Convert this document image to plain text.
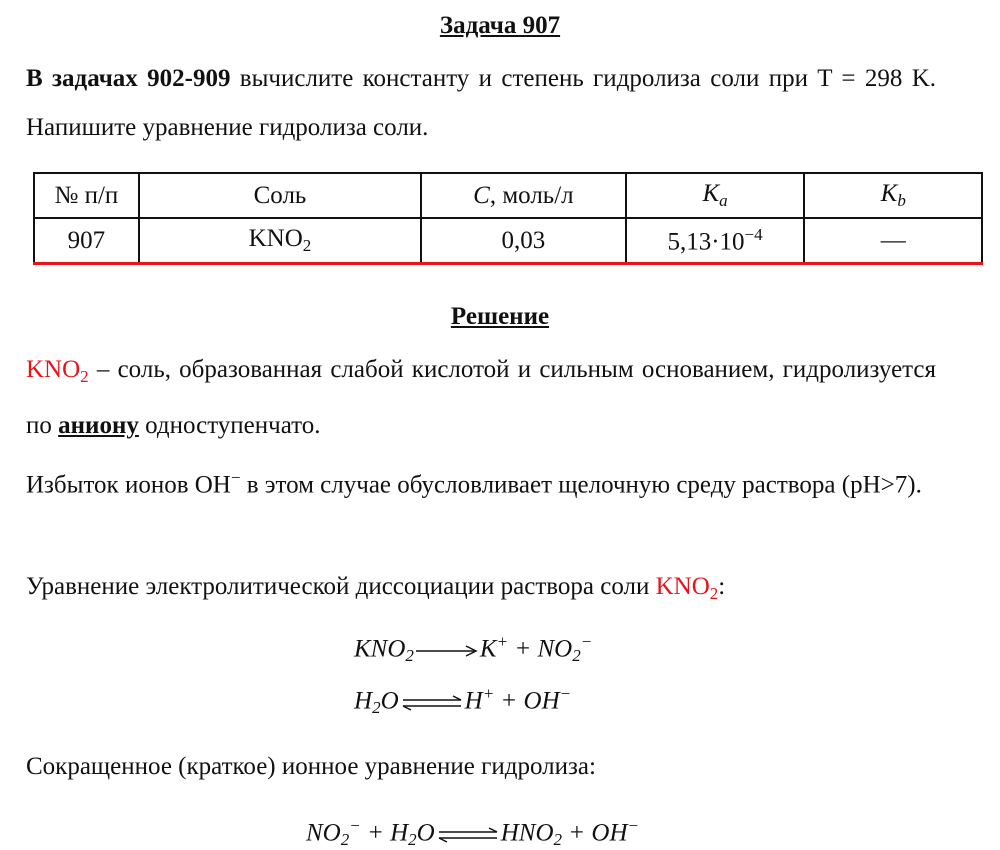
Задача 907
В задачах 902-909 вычислите константу и степень гидролиза соли при T = 298 K. Напишите уравнение гидролиза соли.
№ п/п	Соль	C, моль/л	$K_a$	$K_b$
907	$KNO_2$	0,03	$5,13\cdot 10^{-4}$	—
Решение
$KNO_2$ – соль, образованная слабой кислотой и сильным основанием, гидролизуется по аниону одноступенчато.
Избыток ионов OH− в этом случае обусловливает щелочную среду раствора (pH>7).
Уравнение электролитической диссоциации раствора соли $KNO_2$:
$KNO_2$	$K^+ + NO_2^-$
$H_2O$ ⇌ H+ + OH−
Сокращенное (краткое) ионное уравнение гидролиза:
$NO_2^- + H_2O$ ⇌ $HNO_2 + OH^-$
